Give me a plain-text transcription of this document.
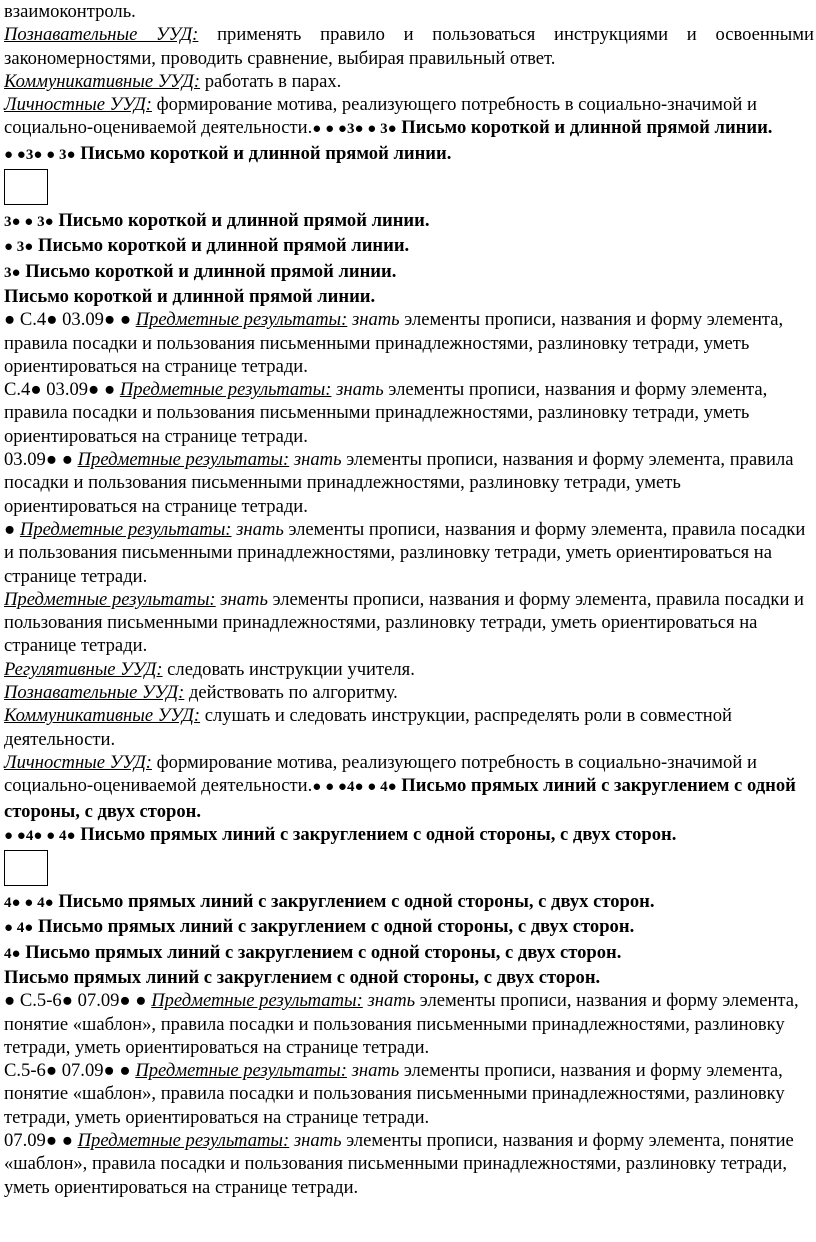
взаимоконтроль.

Познавательные УУД: применять правило и пользоваться инструкциями и освоенными закономерностями, проводить сравнение, выбирая правильный ответ.

Коммуникативные УУД: работать в парах.

Личностные УУД: формирование мотива, реализующего потребность в социально-значимой и социально-оцениваемой деятельности.● ● ●3● ● 3● Письмо короткой и длинной прямой линии.

● ●3● ● 3● Письмо короткой и длинной прямой линии.

3● ● 3● Письмо короткой и длинной прямой линии.

● 3● Письмо короткой и длинной прямой линии.

3● Письмо короткой и длинной прямой линии.

Письмо короткой и длинной прямой линии.

● С.4● 03.09● ● Предметные результаты: знать элементы прописи, названия и форму элемента, правила посадки и пользования письменными принадлежностями, разлиновку тетради, уметь ориентироваться на странице тетради.

С.4● 03.09● ● Предметные результаты: знать элементы прописи, названия и форму элемента, правила посадки и пользования письменными принадлежностями, разлиновку тетради, уметь ориентироваться на странице тетради.

03.09● ● Предметные результаты: знать элементы прописи, названия и форму элемента, правила посадки и пользования письменными принадлежностями, разлиновку тетради, уметь ориентироваться на странице тетради.

● Предметные результаты: знать элементы прописи, названия и форму элемента, правила посадки и пользования письменными принадлежностями, разлиновку тетради, уметь ориентироваться на странице тетради.

Предметные результаты: знать элементы прописи, названия и форму элемента, правила посадки и пользования письменными принадлежностями, разлиновку тетради, уметь ориентироваться на странице тетради.

Регулятивные УУД: следовать инструкции учителя.

Познавательные УУД: действовать по алгоритму.

Коммуникативные УУД: слушать и следовать инструкции, распределять роли в совместной деятельности.

Личностные УУД: формирование мотива, реализующего потребность в социально-значимой и социально-оцениваемой деятельности.● ● ●4● ● 4● Письмо прямых линий с закруглением с одной стороны, с двух сторон.

● ●4● ● 4● Письмо прямых линий с закруглением с одной стороны, с двух сторон.

4● ● 4● Письмо прямых линий с закруглением с одной стороны, с двух сторон.

● 4● Письмо прямых линий с закруглением с одной стороны, с двух сторон.

4● Письмо прямых линий с закруглением с одной стороны, с двух сторон.

Письмо прямых линий с закруглением с одной стороны, с двух сторон.

● С.5-6● 07.09● ● Предметные результаты: знать элементы прописи, названия и форму элемента, понятие «шаблон», правила посадки и пользования письменными принадлежностями, разлиновку тетради, уметь ориентироваться на странице тетради.

С.5-6● 07.09● ● Предметные результаты: знать элементы прописи, названия и форму элемента, понятие «шаблон», правила посадки и пользования письменными принадлежностями, разлиновку тетради, уметь ориентироваться на странице тетради.

07.09● ● Предметные результаты: знать элементы прописи, названия и форму элемента, понятие «шаблон», правила посадки и пользования письменными принадлежностями, разлиновку тетради, уметь ориентироваться на странице тетради.
